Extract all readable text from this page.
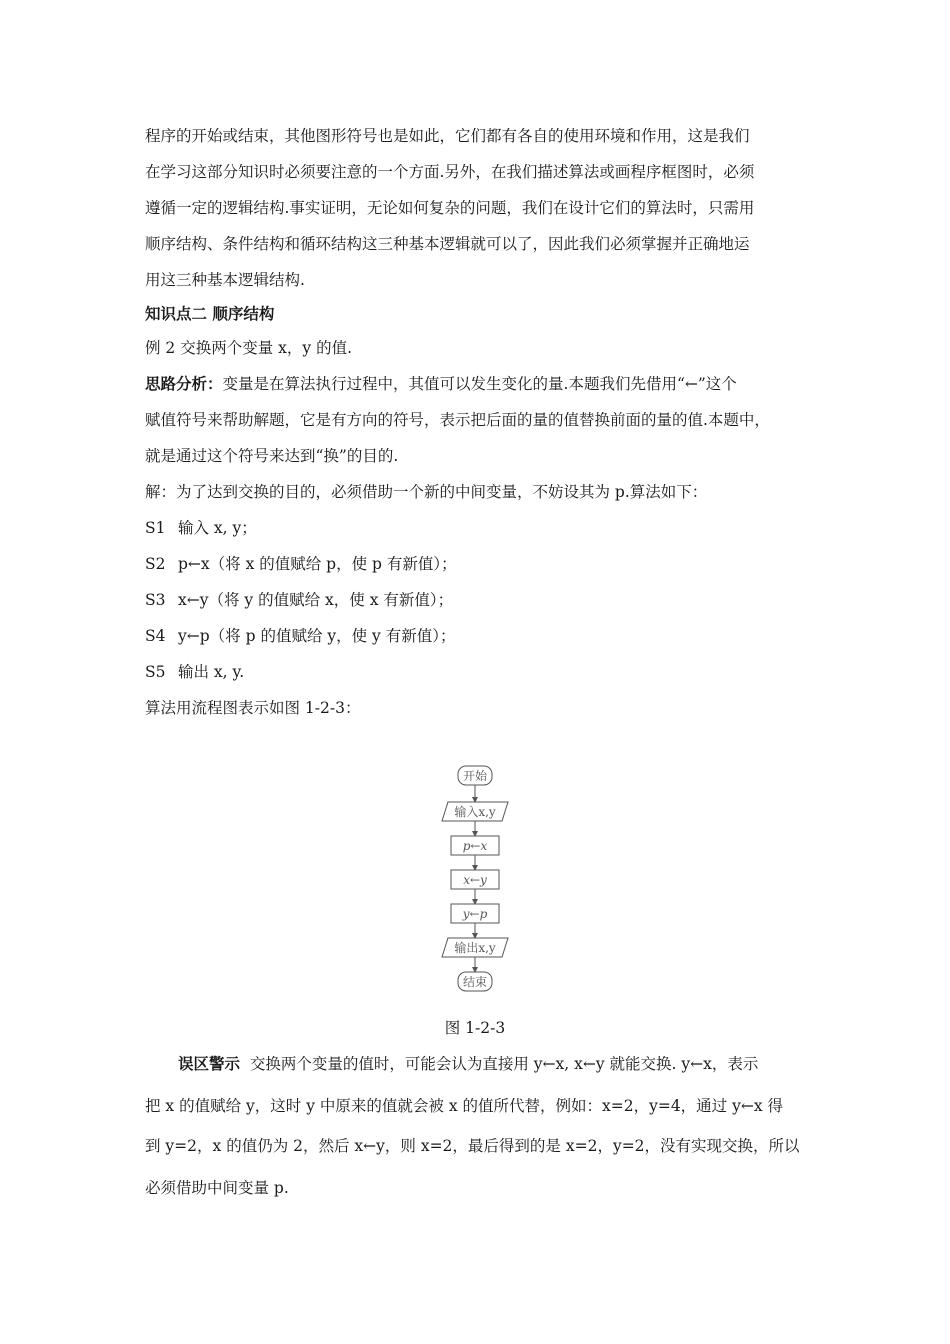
程序的开始或结束，其他图形符号也是如此，它们都有各自的使用环境和作用，这是我们
在学习这部分知识时必须要注意的一个方面.另外，在我们描述算法或画程序框图时，必须
遵循一定的逻辑结构.事实证明，无论如何复杂的问题，我们在设计它们的算法时，只需用
顺序结构、条件结构和循环结构这三种基本逻辑就可以了，因此我们必须掌握并正确地运
用这三种基本逻辑结构.
知识点二 顺序结构
例 2 交换两个变量 x，y 的值.
思路分析：变量是在算法执行过程中，其值可以发生变化的量.本题我们先借用“←”这个
赋值符号来帮助解题，它是有方向的符号，表示把后面的量的值替换前面的量的值.本题中，
就是通过这个符号来达到“换”的目的.
解：为了达到交换的目的，必须借助一个新的中间变量，不妨设其为 p.算法如下：
S1 输入 x, y；
S2 p←x（将 x 的值赋给 p，使 p 有新值）；
S3 x←y（将 y 的值赋给 x，使 x 有新值）；
S4 y←p（将 p 的值赋给 y，使 y 有新值）；
S5 输出 x, y.
算法用流程图表示如图 1-2-3：
开始
输入x,y
p←x
x←y
y←p
输出x,y
结束
图 1-2-3
误区警示 交换两个变量的值时，可能会认为直接用 y←x, x←y 就能交换. y←x，表示
把 x 的值赋给 y，这时 y 中原来的值就会被 x 的值所代替，例如：x=2，y=4，通过 y←x 得
到 y=2，x 的值仍为 2，然后 x←y，则 x=2，最后得到的是 x=2，y=2，没有实现交换，所以
必须借助中间变量 p.
